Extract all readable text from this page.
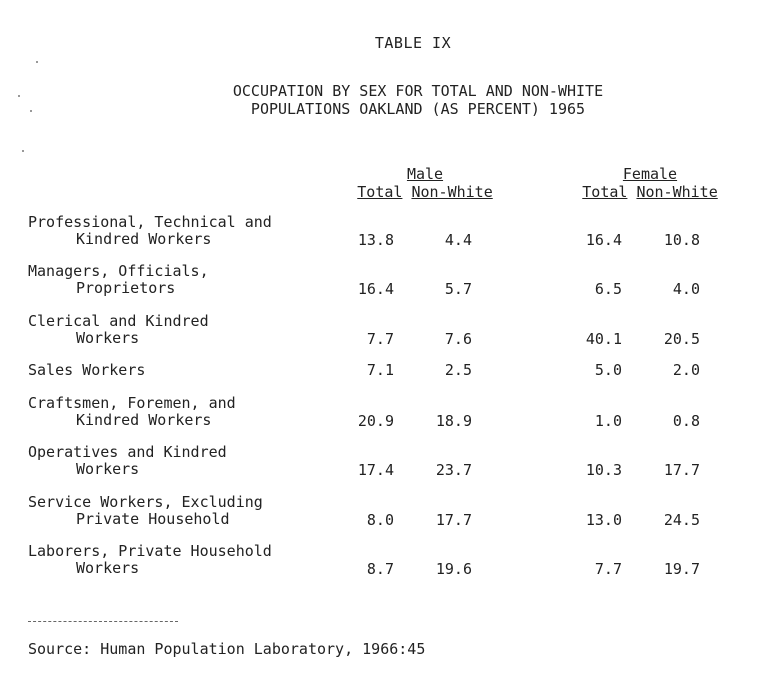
TABLE IX
OCCUPATION BY SEX FOR TOTAL AND NON-WHITE
POPULATIONS OAKLAND (AS PERCENT) 1965
Male
Total Non-White
Female
Total Non-White
Professional, Technical and
Kindred Workers	13.8	4.4	16.4	10.8
Managers, Officials,
Proprietors	16.4	5.7	6.5	4.0
Clerical and Kindred
Workers	7.7	7.6	40.1	20.5
Sales Workers	7.1	2.5	5.0	2.0
Craftsmen, Foremen, and
Kindred Workers	20.9	18.9	1.0	0.8
Operatives and Kindred
Workers	17.4	23.7	10.3	17.7
Service Workers, Excluding
Private Household	8.0	17.7	13.0	24.5
Laborers, Private Household
Workers	8.7	19.6	7.7	19.7
Source: Human Population Laboratory, 1966:45
